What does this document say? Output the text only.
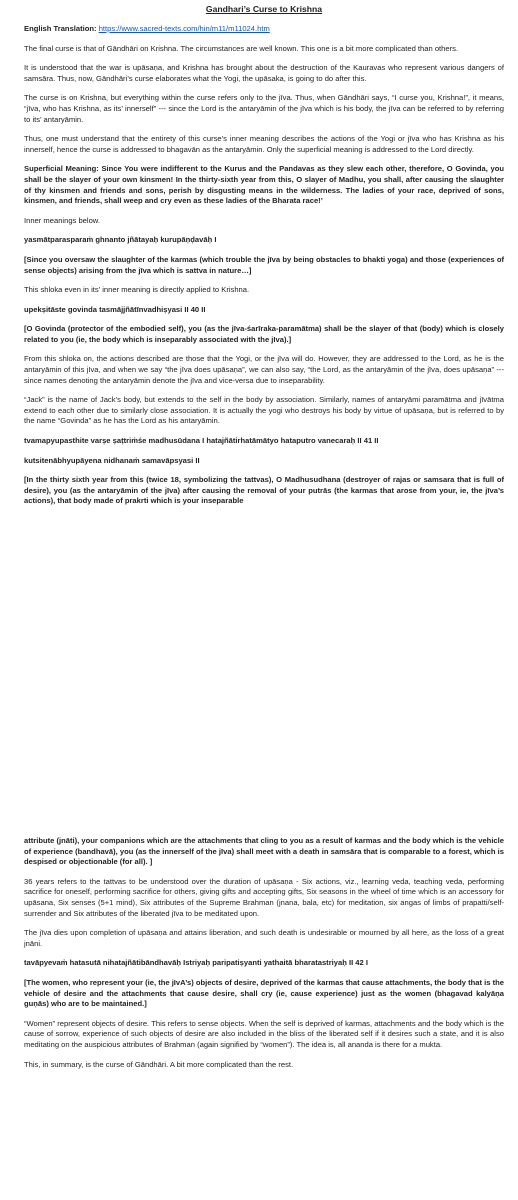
Gandhari’s Curse to Krishna

English Translation: https://www.sacred-texts.com/hin/m11/m11024.htm

The final curse is that of Gāndhāri on Krishna. The circumstances are well known. This one is a bit more complicated than others.

It is understood that the war is upāsaṇa, and Krishna has brought about the destruction of the Kauravas who represent various dangers of samsāra. Thus, now, Gāndhāri’s curse elaborates what the Yogi, the upāsaka, is going to do after this.

The curse is on Krishna, but everything within the curse refers only to the jīva. Thus, when Gāndhāri says, “I curse you, Krishna!”, it means, “jīva, who has Krishna, as its’ innerself” --- since the Lord is the antaryāmin of the jīva which is his body, the jīva can be referred to by referring to its’ antaryāmin.

Thus, one must understand that the entirety of this curse’s inner meaning describes the actions of the Yogi or jīva who has Krishna as his innerself, hence the curse is addressed to bhagavān as the antaryāmin. Only the superficial meaning is addressed to the Lord directly.

Superficial Meaning: Since You were indifferent to the Kurus and the Pandavas as they slew each other, therefore, O Govinda, you shall be the slayer of your own kinsmen! In the thirty-sixth year from this, O slayer of Madhu, you shall, after causing the slaughter of thy kinsmen and friends and sons, perish by disgusting means in the wilderness. The ladies of your race, deprived of sons, kinsmen, and friends, shall weep and cry even as these ladies of the Bharata race!’

Inner meanings below.

yasmātparasparaṁ ghnanto jñātayaḥ kurupāṇḍavāḥ Ι

[Since you oversaw the slaughter of the karmas (which trouble the jīva by being obstacles to bhakti yoga) and those (experiences of sense objects) arising from the jīva which is sattva in nature…]

This shloka even in its’ inner meaning is directly applied to Krishna.

upekṣitāste govinda tasmājjñātīnvadhiṣyasi ΙΙ 40 ΙΙ

[O Govinda (protector of the embodied self), you (as the jīva-śarīraka-paramātma) shall be the slayer of that (body) which is closely related to you (ie, the body which is inseparably associated with the jIva).]

From this shloka on, the actions described are those that the Yogi, or the jīva will do. However, they are addressed to the Lord, as he is the antaryāmin of this jIva, and when we say “the jīva does upāsaṇa”, we can also say, “the Lord, as the antaryāmin of the jīva, does upāsaṇa” --- since names denoting the antaryāmin denote the jīva and vice-versa due to inseparability.

“Jack” is the name of Jack’s body, but extends to the self in the body by association. Similarly, names of antaryāmi paramātma and jīvātma extend to each other due to similarly close association. It is actually the yogi who destroys his body by virtue of upāsaṇa, but is referred to by the name “Govinda” as he has the Lord as his antaryāmin.

tvamapyupasthite varṣe ṣaṭtriṁśe madhusūdana Ι hatajñātirhatāmātyo hataputro vanecaraḥ ΙΙ 41 ΙΙ

kutsitenābhyupāyena nidhanaṁ samavāpsyasi ΙΙ

[In the thirty sixth year from this (twice 18, symbolizing the tattvas), O Madhusudhana (destroyer of rajas or samsara that is full of desire), you (as the antaryāmin of the jīva) after causing the removal of your putrās (the karmas that arose from your, ie, the jīva’s actions), that body made of prakrti which is your inseparable

attribute (jnāti), your companions which are the attachments that cling to you as a result of karmas and the body which is the vehicle of experience (bandhavā), you (as the innerself of the jīva) shall meet with a death in samsāra that is comparable to a forest, which is despised or objectionable (for all). ]

36 years refers to the tattvas to be understood over the duration of upāsaṇa - Six actions, viz., learning veda, teaching veda, performing sacrifice for oneself, performing sacrifice for others, giving gifts and accepting gifts, Six seasons in the wheel of time which is an accessory for upāsana, Six senses (5+1 mind), Six attributes of the Supreme Brahman (jnana, bala, etc) for meditation, six angas of limbs of prapatti/self-surrender and Six attributes of the liberated jīva to be meditated upon.

The jīva dies upon completion of upāsaṇa and attains liberation, and such death is undesirable or mourned by all here, as the loss of a great jnāni.

tavāpyevaṁ hatasutā nihatajñātibāndhavāḥ Ιstriyaḥ paripatiṣyanti yathaitā bharatastriyaḥ ΙΙ 42 Ι

[The women, who represent your (ie, the jIvA’s) objects of desire, deprived of the karmas that cause attachments, the body that is the vehicle of desire and the attachments that cause desire, shall cry (ie, cause experience) just as the women (bhagavad kalyāṇa guṇās) who are to be maintained.]

“Women” represent objects of desire. This refers to sense objects. When the self is deprived of karmas, attachments and the body which is the cause of sorrow, experience of such objects of desire are also included in the bliss of the liberated self if it desires such a state, and it is also meditating on the auspicious attributes of Brahman (again signified by “women”). The idea is, all ananda is there for a mukta.

This, in summary, is the curse of Gāndhāri. A bit more complicated than the rest.
